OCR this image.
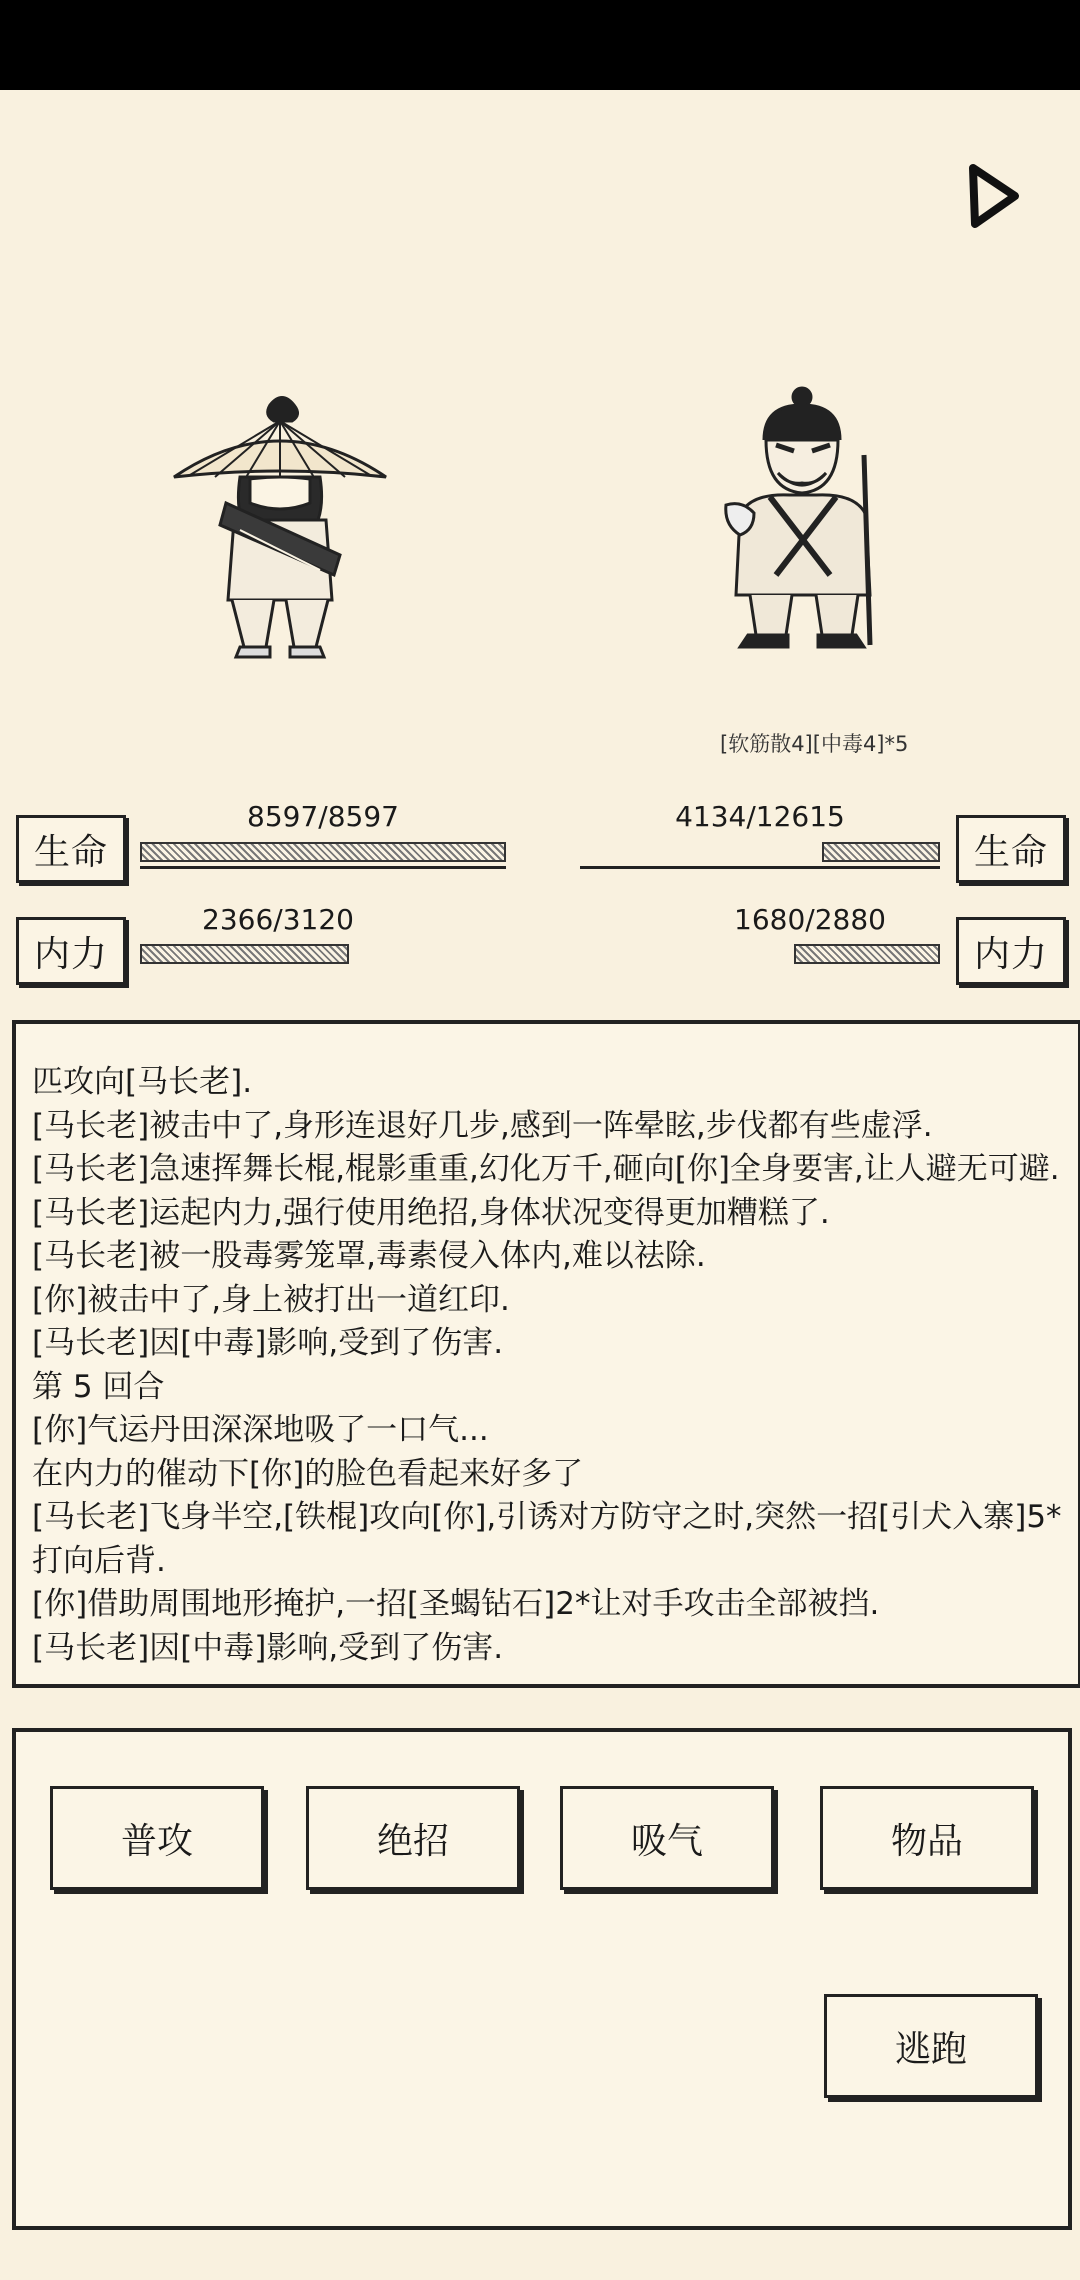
[软筋散4][中毒4]*5
生命
8597/8597
内力
2366/3120
生命
4134/12615
内力
1680/2880

匹攻向[马长老].

[马长老]被击中了,身形连退好几步,感到一阵晕眩,步伐都有些虚浮.

[马长老]急速挥舞长棍,棍影重重,幻化万千,砸向[你]全身要害,让人避无可避.

[马长老]运起内力,强行使用绝招,身体状况变得更加糟糕了.

[马长老]被一股毒雾笼罩,毒素侵入体内,难以祛除.

[你]被击中了,身上被打出一道红印.

[马长老]因[中毒]影响,受到了伤害.

第 5 回合

[你]气运丹田深深地吸了一口气...

在内力的催动下[你]的脸色看起来好多了

[马长老]飞身半空,[铁棍]攻向[你],引诱对方防守之时,突然一招[引犬入寨]5*打向后背.

[你]借助周围地形掩护,一招[圣蝎钻石]2*让对手攻击全部被挡.

[马长老]因[中毒]影响,受到了伤害.

普攻	绝招	吸气	物品
逃跑
